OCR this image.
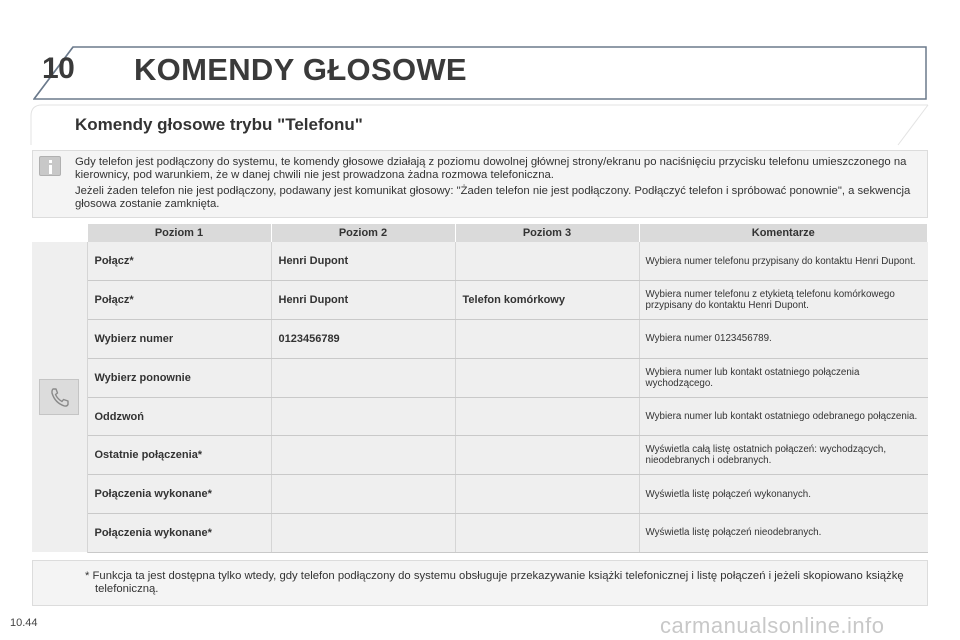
10 KOMENDY GŁOSOWE
Komendy głosowe trybu "Telefonu"

Gdy telefon jest podłączony do systemu, te komendy głosowe działają z poziomu dowolnej głównej strony/ekranu po naciśnięciu przycisku telefonu umieszczonego na kierownicy, pod warunkiem, że w danej chwili nie jest prowadzona żadna rozmowa telefoniczna.

Jeżeli żaden telefon nie jest podłączony, podawany jest komunikat głosowy: "Żaden telefon nie jest podłączony. Podłączyć telefon i spróbować ponownie", a sekwencja głosowa zostanie zamknięta.

	Poziom 1	Poziom 2	Poziom 3	Komentarze

	Połącz*	Henri Dupont		Wybiera numer telefonu przypisany do kontaktu Henri Dupont.
	Połącz*	Henri Dupont	Telefon komórkowy	Wybiera numer telefonu z etykietą telefonu komórkowego przypisany do kontaktu Henri Dupont.
	Wybierz numer	0123456789		Wybiera numer 0123456789.
	Wybierz ponownie			Wybiera numer lub kontakt ostatniego połączenia wychodzącego.
	Oddzwoń			Wybiera numer lub kontakt ostatniego odebranego połączenia.
	Ostatnie połączenia*			Wyświetla całą listę ostatnich połączeń: wychodzących, nieodebranych i odebranych.
	Połączenia wykonane*			Wyświetla listę połączeń wykonanych.
	Połączenia wykonane*			Wyświetla listę połączeń nieodebranych.
* Funkcja ta jest dostępna tylko wtedy, gdy telefon podłączony do systemu obsługuje przekazywanie książki telefonicznej i listę połączeń i jeżeli skopiowano książkę telefoniczną.
10.44	carmanualsonline.info
